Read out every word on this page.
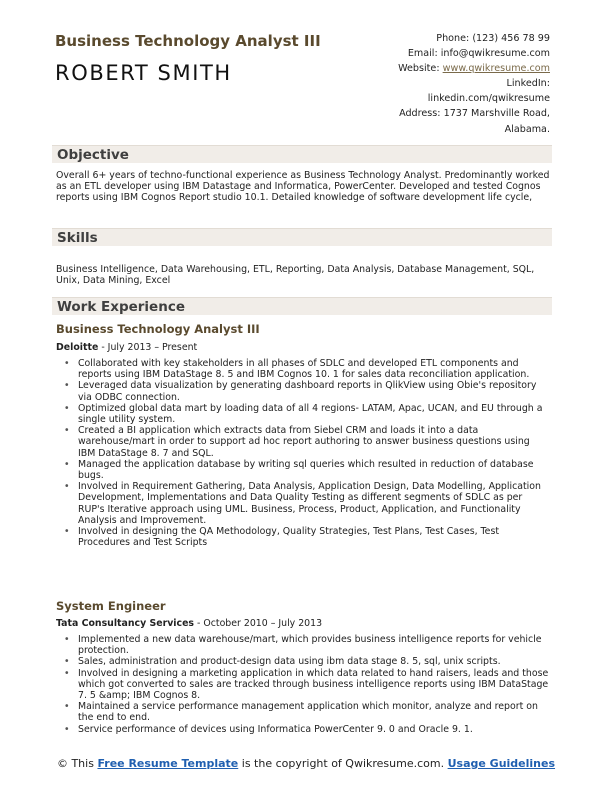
Business Technology Analyst III
ROBERT SMITH
Phone: (123) 456 78 99
Email: info@qwikresume.com
Website: www.qwikresume.com
LinkedIn:
linkedin.com/qwikresume
Address: 1737 Marshville Road,
Alabama.
Objective

Overall 6+ years of techno-functional experience as Business Technology Analyst. Predominantly worked as an ETL developer using IBM Datastage and Informatica, PowerCenter. Developed and tested Cognos reports using IBM Cognos Report studio 10.1. Detailed knowledge of software development life cycle,

Skills

Business Intelligence, Data Warehousing, ETL, Reporting, Data Analysis, Database Management, SQL, Unix, Data Mining, Excel

Work Experience
Business Technology Analyst III
Deloitte - July 2013 – Present
• Collaborated with key stakeholders in all phases of SDLC and developed ETL components and reports using IBM DataStage 8. 5 and IBM Cognos 10. 1 for sales data reconciliation application.
• Leveraged data visualization by generating dashboard reports in QlikView using Obie's repository via ODBC connection.
• Optimized global data mart by loading data of all 4 regions- LATAM, Apac, UCAN, and EU through a single utility system.
• Created a BI application which extracts data from Siebel CRM and loads it into a data warehouse/mart in order to support ad hoc report authoring to answer business questions using IBM DataStage 8. 7 and SQL.
• Managed the application database by writing sql queries which resulted in reduction of database bugs.
• Involved in Requirement Gathering, Data Analysis, Application Design, Data Modelling, Application Development, Implementations and Data Quality Testing as different segments of SDLC as per RUP's Iterative approach using UML. Business, Process, Product, Application, and Functionality Analysis and Improvement.
• Involved in designing the QA Methodology, Quality Strategies, Test Plans, Test Cases, Test Procedures and Test Scripts
System Engineer
Tata Consultancy Services - October 2010 – July 2013
• Implemented a new data warehouse/mart, which provides business intelligence reports for vehicle protection.
• Sales, administration and product-design data using ibm data stage 8. 5, sql, unix scripts.
• Involved in designing a marketing application in which data related to hand raisers, leads and those which got converted to sales are tracked through business intelligence reports using IBM DataStage 7. 5 &amp; IBM Cognos 8.
• Maintained a service performance management application which monitor, analyze and report on the end to end.
• Service performance of devices using Informatica PowerCenter 9. 0 and Oracle 9. 1.
© This Free Resume Template is the copyright of Qwikresume.com. Usage Guidelines
